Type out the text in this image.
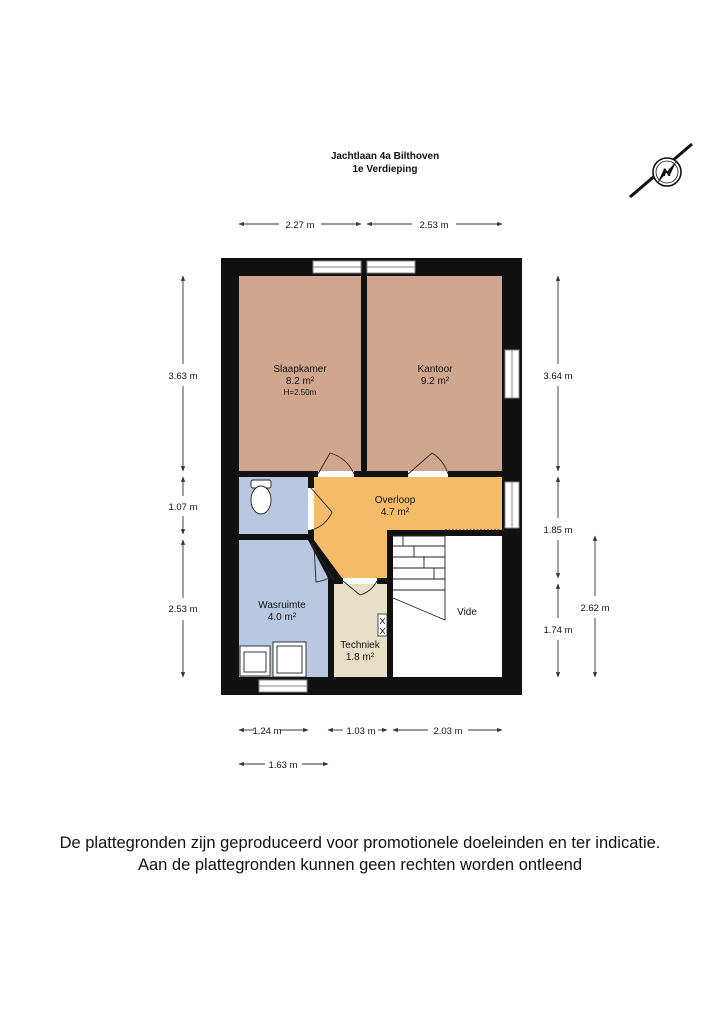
Jachtlaan 4a Bilthoven
1e Verdieping	N
Slaapkamer
8.2 m²
H=2.50m
Kantoor
9.2 m²
Overloop
4.7 m²
Wasruimte
4.0 m²
Techniek
1.8 m²
Vide
2.27 m	2.53 m
3.63 m
1.07 m
2.53 m
3.64 m
1.85 m
1.74 m
2.62 m
1.24 m	1.03 m	2.03 m
1.63 m
De plattegronden zijn geproduceerd voor promotionele doeleinden en ter indicatie.
Aan de plattegronden kunnen geen rechten worden ontleend
